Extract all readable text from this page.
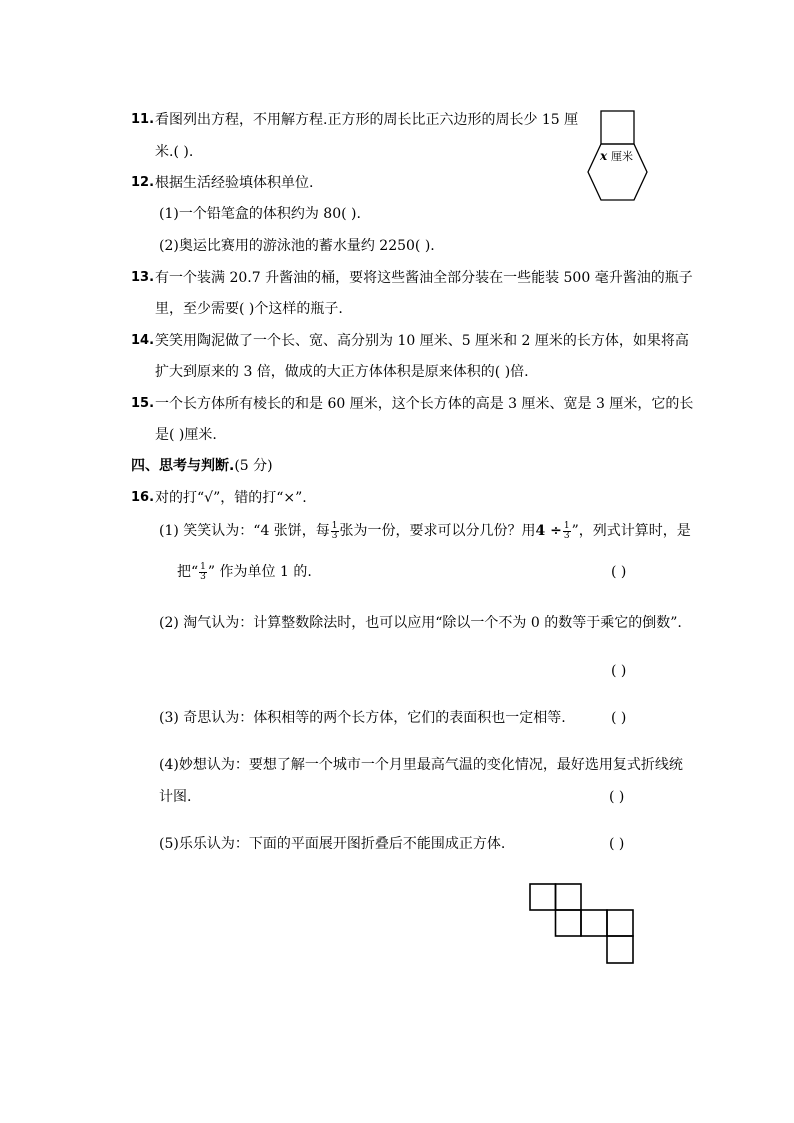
11. 看图列出方程，不用解方程.正方形的周长比正六边形的周长少 15 厘
米.( ).	x 厘米
12. 根据生活经验填体积单位.
(1)一个铅笔盒的体积约为 80( ).
(2)奥运比赛用的游泳池的蓄水量约 2250( ).
13. 有一个装满 20.7 升酱油的桶，要将这些酱油全部分装在一些能装 500 毫升酱油的瓶子
里，至少需要( )个这样的瓶子.
14. 笑笑用陶泥做了一个长、宽、高分别为 10 厘米、5 厘米和 2 厘米的长方体，如果将高
扩大到原来的 3 倍，做成的大正方体体积是原来体积的( )倍.
15. 一个长方体所有棱长的和是 60 厘米，这个长方体的高是 3 厘米、宽是 3 厘米，它的长
是( )厘米.
四、思考与判断.(5 分)
16. 对的打“√”，错的打“×”.
(1) 笑笑认为：“4 张饼，每 $\frac{1}{3}$ 张为一份，要求可以分几份？用$4 \div \frac{1}{3}$ ”，列式计算时，是
把“ $\frac{1}{3}$ ” 作为单位 1 的.	( )
(2) 淘气认为：计算整数除法时，也可以应用“除以一个不为 0 的数等于乘它的倒数”.
( )
(3) 奇思认为：体积相等的两个长方体，它们的表面积也一定相等.	( )
(4)妙想认为：要想了解一个城市一个月里最高气温的变化情况，最好选用复式折线统
计图.	( )
(5)乐乐认为：下面的平面展开图折叠后不能围成正方体.	( )
